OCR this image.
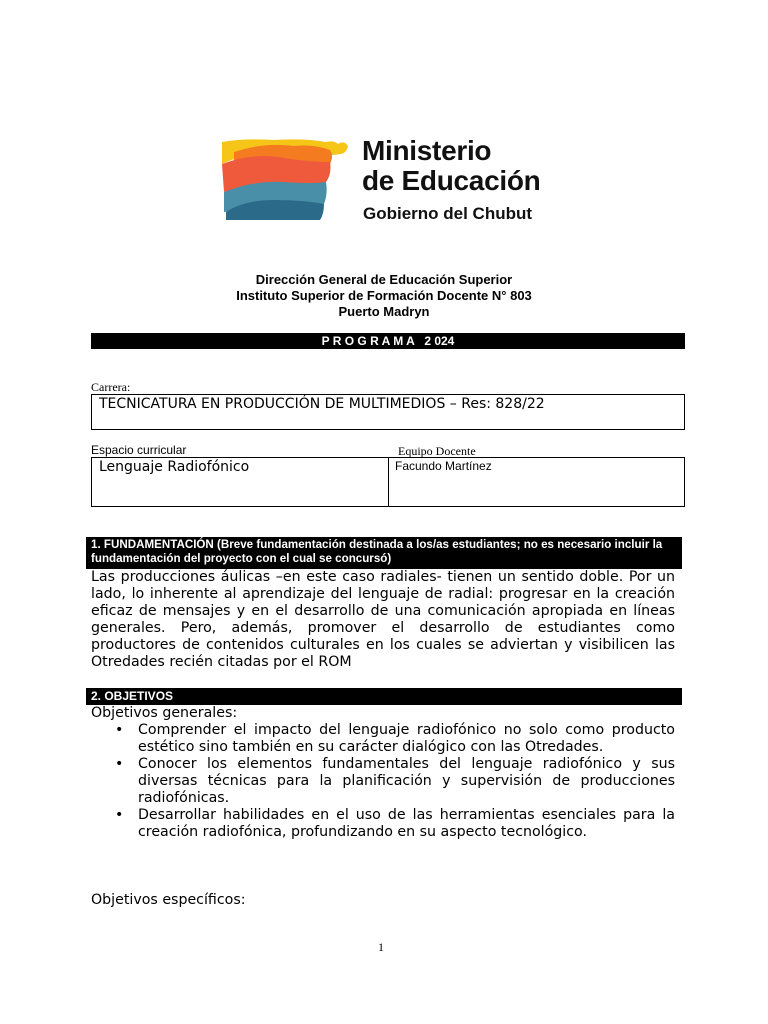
Ministerio
de Educación
Gobierno del Chubut
Dirección General de Educación Superior
Instituto Superior de Formación Docente N° 803
Puerto Madryn
P R O G R A M A   2 024
Carrera:
TECNICATURA EN PRODUCCIÓN DE MULTIMEDIOS – Res: 828/22
Espacio curricular	Equipo Docente
Lenguaje Radiofónico	Facundo Martínez
1. FUNDAMENTACIÓN (Breve fundamentación destinada a los/as estudiantes; no es necesario incluir la fundamentación del proyecto con el cual se concursó)
Las producciones áulicas –en este caso radiales- tienen un sentido doble. Por un lado, lo inherente al aprendizaje del lenguaje de radial: progresar en la creación eficaz de mensajes y en el desarrollo de una comunicación apropiada en líneas generales. Pero, además, promover el desarrollo de estudiantes como productores de contenidos culturales en los cuales se adviertan y visibilicen las Otredades recién citadas por el ROM
2. OBJETIVOS
Objetivos generales:
• Comprender el impacto del lenguaje radiofónico no solo como producto estético sino también en su carácter dialógico con las Otredades.
• Conocer los elementos fundamentales del lenguaje radiofónico y sus diversas técnicas para la planificación y supervisión de producciones radiofónicas.
• Desarrollar habilidades en el uso de las herramientas esenciales para la creación radiofónica, profundizando en su aspecto tecnológico.
Objetivos específicos:
1
